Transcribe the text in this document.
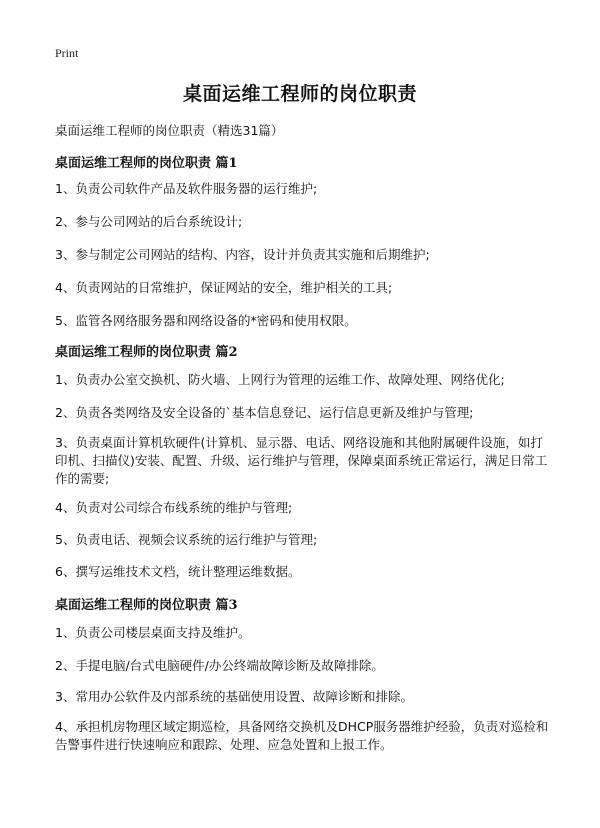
Print
桌面运维工程师的岗位职责
桌面运维工程师的岗位职责（精选31篇）
桌面运维工程师的岗位职责 篇1
1、负责公司软件产品及软件服务器的运行维护;
2、参与公司网站的后台系统设计;
3、参与制定公司网站的结构、内容，设计并负责其实施和后期维护;
4、负责网站的日常维护，保证网站的安全，维护相关的工具;
5、监管各网络服务器和网络设备的*密码和使用权限。
桌面运维工程师的岗位职责 篇2
1、负责办公室交换机、防火墙、上网行为管理的运维工作、故障处理、网络优化;
2、负责各类网络及安全设备的`基本信息登记、运行信息更新及维护与管理;
3、负责桌面计算机软硬件(计算机、显示器、电话、网络设施和其他附属硬件设施，如打印机、扫描仪)安装、配置、升级、运行维护与管理，保障桌面系统正常运行，满足日常工作的需要;
4、负责对公司综合布线系统的维护与管理;
5、负责电话、视频会议系统的运行维护与管理;
6、撰写运维技术文档，统计整理运维数据。
桌面运维工程师的岗位职责 篇3
1、负责公司楼层桌面支持及维护。
2、手提电脑/台式电脑硬件/办公终端故障诊断及故障排除。
3、常用办公软件及内部系统的基础使用设置、故障诊断和排除。
4、承担机房物理区域定期巡检，具备网络交换机及DHCP服务器维护经验，负责对巡检和告警事件进行快速响应和跟踪、处理、应急处置和上报工作。
